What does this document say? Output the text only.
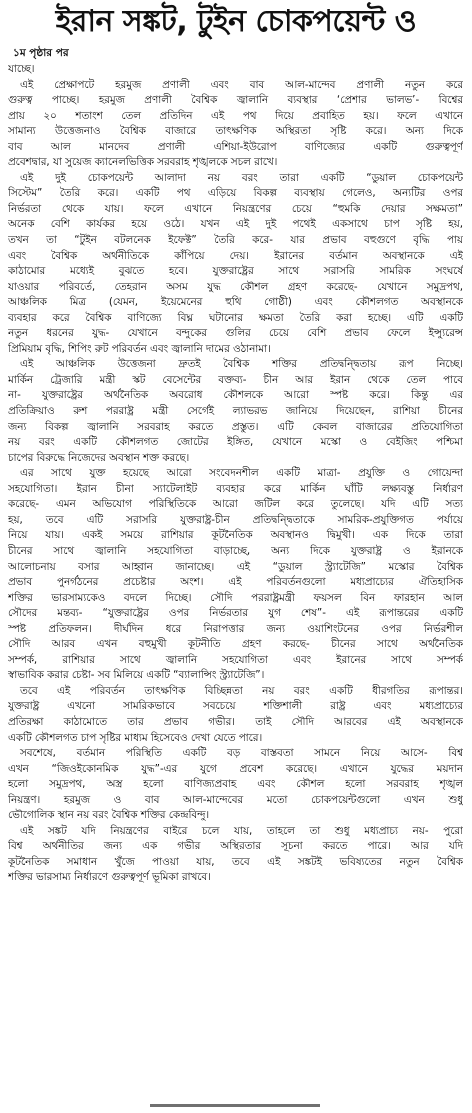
ইরান সঙ্কট, টুইন চোকপয়েন্ট ও
১ম পৃষ্ঠার পর
যাচ্ছে।
এই প্রেক্ষাপটে হরমুজ প্রণালী এবং বাব আল-মান্দেব প্রণালী নতুন করে
গুরুত্ব পাচ্ছে। হরমুজ প্রণালী বৈশ্বিক জ্বালানি ব্যবস্থার ‘প্রেশার ভালভ’- বিশ্বের
প্রায় ২০ শতাংশ তেল প্রতিদিন এই পথ দিয়ে প্রবাহিত হয়। ফলে এখানে
সামান্য উত্তেজনাও বৈশ্বিক বাজারে তাৎক্ষণিক অস্থিরতা সৃষ্টি করে। অন্য দিকে
বাব আল মানদেব প্রণালী এশিয়া-ইউরোপ বাণিজ্যের একটি গুরুত্বপূর্ণ
প্রবেশদ্বার, যা সুয়েজ ক্যানেলভিত্তিক সরবরাহ শৃঙ্খলকে সচল রাখে।
এই দুই চোকপয়েন্ট আলাদা নয় বরং তারা একটি “ডুয়াল চোকপয়েন্ট
সিস্টেম” তৈরি করে। একটি পথ এড়িয়ে বিকল্প ব্যবস্থায় গেলেও, অন্যটির ওপর
নির্ভরতা থেকে যায়। ফলে এখানে নিয়ন্ত্রণের চেয়ে “হুমকি দেয়ার সক্ষমতা”
অনেক বেশি কার্যকর হয়ে ওঠে। যখন এই দুই পথেই একসাথে চাপ সৃষ্টি হয়,
তখন তা “টুইন বটলনেক ইফেক্ট” তৈরি করে- যার প্রভাব বহুগুণে বৃদ্ধি পায়
এবং বৈশ্বিক অর্থনীতিকে কাঁপিয়ে দেয়। ইরানের বর্তমান অবস্থানকে এই
কাঠামোর মধ্যেই বুঝতে হবে। যুক্তরাষ্ট্রের সাথে সরাসরি সামরিক সংঘর্ষে
যাওয়ার পরিবর্তে, তেহরান অসম যুদ্ধ কৌশল গ্রহণ করেছে- যেখানে সমুদ্রপথ,
আঞ্চলিক মিত্র (যেমন, ইয়েমেনের হুথি গোষ্ঠী) এবং কৌশলগত অবস্থানকে
ব্যবহার করে বৈশ্বিক বাণিজ্যে বিঘ্ন ঘটানোর ক্ষমতা তৈরি করা হচ্ছে। এটি একটি
নতুন ধরনের যুদ্ধ- যেখানে বন্দুকের গুলির চেয়ে বেশি প্রভাব ফেলে ইন্স্যুরেন্স
প্রিমিয়াম বৃদ্ধি, শিপিং রুট পরিবর্তন এবং জ্বালানি দামের ওঠানামা।
এই আঞ্চলিক উত্তেজনা দ্রুতই বৈশ্বিক শক্তির প্রতিদ্বন্দ্বিতায় রূপ নিচ্ছে।
মার্কিন ট্রেজারি মন্ত্রী স্কট বেসেন্টের বক্তব্য- চীন আর ইরান থেকে তেল পাবে
না- যুক্তরাষ্ট্রের অর্থনৈতিক অবরোধ কৌশলকে আরো স্পষ্ট করে। কিন্তু এর
প্রতিক্রিয়াও রুশ পররাষ্ট্র মন্ত্রী সের্গেই ল্যাভরভ জানিয়ে দিয়েছেন, রাশিয়া চীনের
জন্য বিকল্প জ্বালানি সরবরাহ করতে প্রস্তুত। এটি কেবল বাজারের প্রতিযোগিতা
নয় বরং একটি কৌশলগত জোটের ইঙ্গিত, যেখানে মস্কো ও বেইজিং পশ্চিমা
চাপের বিরুদ্ধে নিজেদের অবস্থান শক্ত করছে।
এর সাথে যুক্ত হয়েছে আরো সংবেদনশীল একটি মাত্রা- প্রযুক্তি ও গোয়েন্দা
সহযোগিতা। ইরান চীনা স্যাটেলাইট ব্যবহার করে মার্কিন ঘাঁটি লক্ষ্যবস্তু নির্ধারণ
করেছে- এমন অভিযোগ পরিস্থিতিকে আরো জটিল করে তুলেছে। যদি এটি সত্য
হয়, তবে এটি সরাসরি যুক্তরাষ্ট্র-চীন প্রতিদ্বন্দ্বিতাকে সামরিক-প্রযুক্তিগত পর্যায়ে
নিয়ে যায়। একই সময়ে রাশিয়ার কূটনৈতিক অবস্থানও দ্বিমুখী। এক দিকে তারা
চীনের সাথে জ্বালানি সহযোগিতা বাড়াচ্ছে, অন্য দিকে যুক্তরাষ্ট্র ও ইরানকে
আলোচনায় বসার আহ্বান জানাচ্ছে। এই “ডুয়াল স্ট্র্যাটেজি” মস্কোর বৈশ্বিক
প্রভাব পুনর্গঠনের প্রচেষ্টার অংশ। এই পরিবর্তনগুলো মধ্যপ্রাচ্যের ঐতিহাসিক
শক্তির ভারসাম্যকেও বদলে দিচ্ছে। সৌদি পররাষ্ট্রমন্ত্রী ফয়সল বিন ফারহান আল
সৌদের মন্তব্য- “যুক্তরাষ্ট্রের ওপর নির্ভরতার যুগ শেষ”- এই রূপান্তরের একটি
স্পষ্ট প্রতিফলন। দীর্ঘদিন ধরে নিরাপত্তার জন্য ওয়াশিংটনের ওপর নির্ভরশীল
সৌদি আরব এখন বহুমুখী কূটনীতি গ্রহণ করছে- চীনের সাথে অর্থনৈতিক
সম্পর্ক, রাশিয়ার সাথে জ্বালানি সহযোগিতা এবং ইরানের সাথে সম্পর্ক
স্বাভাবিক করার চেষ্টা- সব মিলিয়ে একটি “ব্যালান্সিং স্ট্র্যাটেজি”।
তবে এই পরিবর্তন তাৎক্ষণিক বিচ্ছিন্নতা নয় বরং একটি ধীরগতির রূপান্তর।
যুক্তরাষ্ট্র এখনো সামরিকভাবে সবচেয়ে শক্তিশালী রাষ্ট্র এবং মধ্যপ্রাচ্যের
প্রতিরক্ষা কাঠামোতে তার প্রভাব গভীর। তাই সৌদি আরবের এই অবস্থানকে
একটি কৌশলগত চাপ সৃষ্টির মাধ্যম হিসেবেও দেখা যেতে পারে।
সবশেষে, বর্তমান পরিস্থিতি একটি বড় বাস্তবতা সামনে নিয়ে আসে- বিশ্ব
এখন “জিওইকোনমিক যুদ্ধ”-এর যুগে প্রবেশ করেছে। এখানে যুদ্ধের ময়দান
হলো সমুদ্রপথ, অস্ত্র হলো বাণিজ্যপ্রবাহ এবং কৌশল হলো সরবরাহ শৃঙ্খল
নিয়ন্ত্রণ। হরমুজ ও বাব আল-মান্দেবের মতো চোকপয়েন্টগুলো এখন শুধু
ভৌগোলিক স্থান নয় বরং বৈশ্বিক শক্তির কেন্দ্রবিন্দু।
এই সঙ্কট যদি নিয়ন্ত্রণের বাইরে চলে যায়, তাহলে তা শুধু মধ্যপ্রাচ্য নয়- পুরো
বিশ্ব অর্থনীতির জন্য এক গভীর অস্থিরতার সূচনা করতে পারে। আর যদি
কূটনৈতিক সমাধান খুঁজে পাওয়া যায়, তবে এই সঙ্কটই ভবিষ্যতের নতুন বৈশ্বিক
শক্তির ভারসাম্য নির্ধারণে গুরুত্বপূর্ণ ভূমিকা রাখবে।
